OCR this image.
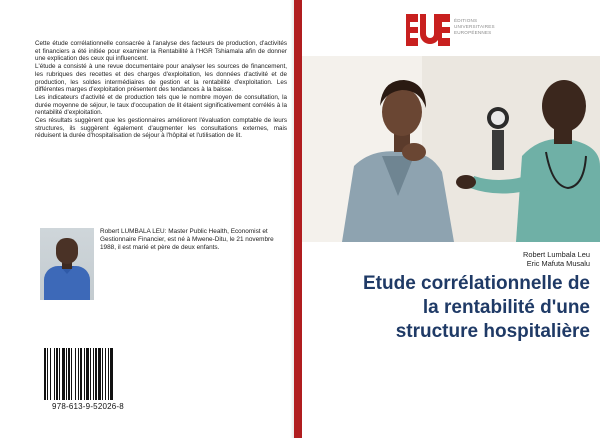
Cette étude corrélationnelle consacrée à l'analyse des facteurs de production, d'activités et financiers a été initiée pour examiner la Rentabilité à l'HGR Tshiamala afin de donner une explication des ceux qui influencent.

L'étude a consisté à une revue documentaire pour analyser les sources de financement, les rubriques des recettes et des charges d'exploitation, les données d'activité et de production, les soldes intermédiaires de gestion et la rentabilité d'exploitation. Les différentes marges d'exploitation présentent des tendances à la baisse.

Les indicateurs d'activité et de production tels que le nombre moyen de consultation, la durée moyenne de séjour, le taux d'occupation de lit étaient significativement corrélés à la rentabilité d'exploitation.

Ces résultats suggèrent que les gestionnaires améliorent l'évaluation comptable de leurs structures, ils suggèrent également d'augmenter les consultations externes, mais réduisent la durée d'hospitalisation de séjour à l'hôpital et l'utilisation de lit.

Robert LUMBALA LEU: Master Public Health, Economist et Gestionnaire Financier, est né à Mwene-Ditu, le 21 novembre 1988, il est marié et père de deux enfants.
978-613-9-52026-8
ÉDITIONS
UNIVERSITAIRES
EUROPÉENNES
Robert Lumbala Leu
Eric Mafuta Musalu
Etude corrélationnelle de
la rentabilité d'une
structure hospitalière
